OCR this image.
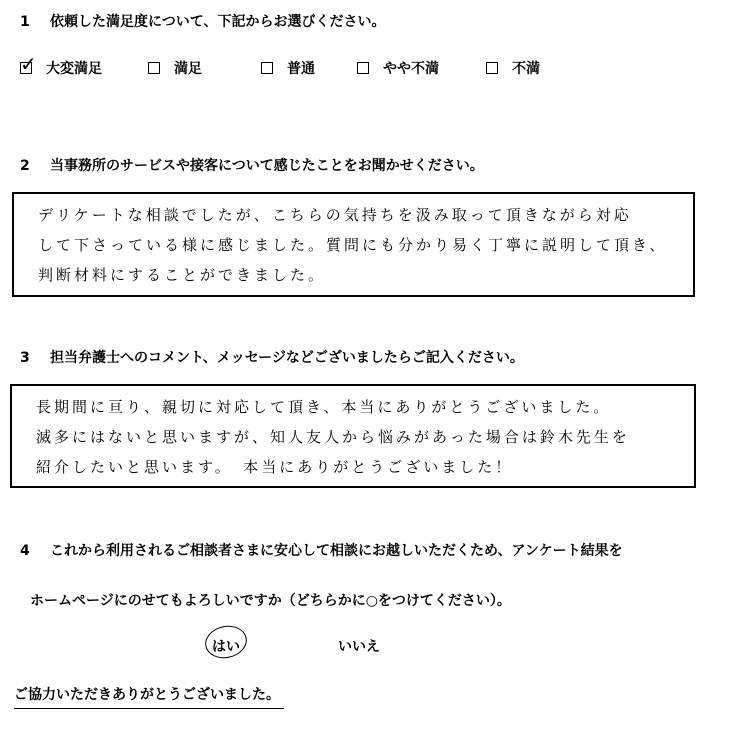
1 依頼した満足度について、下記からお選びください。
✓ 大変満足	満足	普通	やや不満	不満
2 当事務所のサービスや接客について感じたことをお聞かせください。
デリケートな相談でしたが、こちらの気持ちを汲み取って頂きながら対応
して下さっている様に感じました。質問にも分かり易く丁寧に説明して頂き、
判断材料にすることができました。
3 担当弁護士へのコメント、メッセージなどございましたらご記入ください。
長期間に亘り、親切に対応して頂き、本当にありがとうございました。
滅多にはないと思いますが、知人友人から悩みがあった場合は鈴木先生を
紹介したいと思います。　本当にありがとうございました！
4 これから利用されるご相談者さまに安心して相談にお越しいただくため、アンケート結果を
ホームページにのせてもよろしいですか（どちらかに○をつけてください）。
はい	いいえ
ご協力いただきありがとうございました。
